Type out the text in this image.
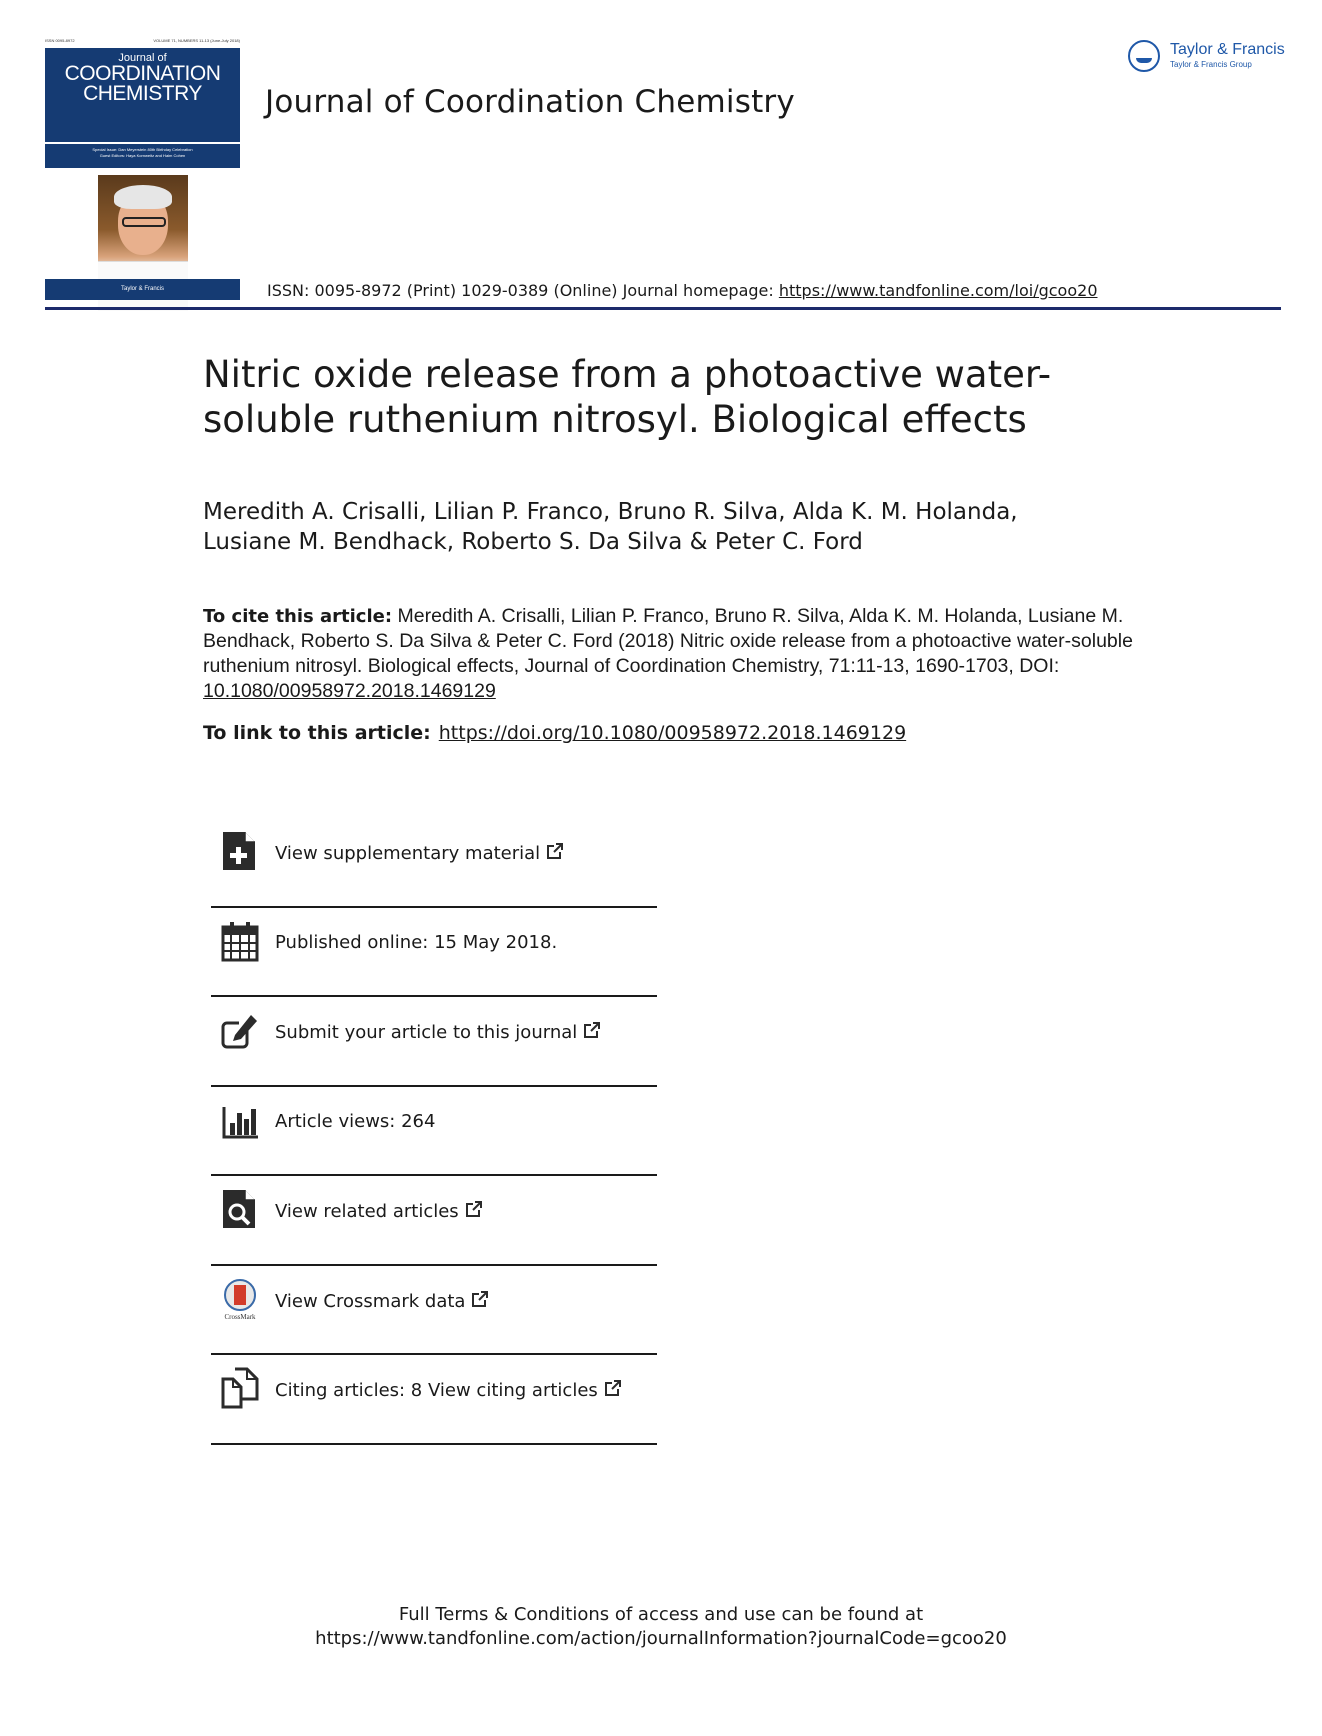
ISSN 0095-8972	VOLUME 71, NUMBERS 11-13 (June-July 2018)
Journal of
COORDINATION
CHEMISTRY
Special Issue: Dan Meyerstein 80th Birthday Celebration
Guest Editors: Haya Kornweitz and Haim Cohen
Taylor & Francis
Journal of Coordination Chemistry
Taylor & Francis
Taylor & Francis Group
ISSN: 0095-8972 (Print) 1029-0389 (Online) Journal homepage: https://www.tandfonline.com/loi/gcoo20
Nitric oxide release from a photoactive water-soluble ruthenium nitrosyl. Biological effects
Meredith A. Crisalli, Lilian P. Franco, Bruno R. Silva, Alda K. M. Holanda,
Lusiane M. Bendhack, Roberto S. Da Silva & Peter C. Ford
To cite this article: Meredith A. Crisalli, Lilian P. Franco, Bruno R. Silva, Alda K. M. Holanda, Lusiane M. Bendhack, Roberto S. Da Silva & Peter C. Ford (2018) Nitric oxide release from a photoactive water-soluble ruthenium nitrosyl. Biological effects, Journal of Coordination Chemistry, 71:11-13, 1690-1703, DOI: 10.1080/00958972.2018.1469129
To link to this article: https://doi.org/10.1080/00958972.2018.1469129
View supplementary material
Published online: 15 May 2018.
Submit your article to this journal
Article views: 264
View related articles
CrossMark
View Crossmark data
Citing articles: 8 View citing articles
Full Terms & Conditions of access and use can be found at
https://www.tandfonline.com/action/journalInformation?journalCode=gcoo20
